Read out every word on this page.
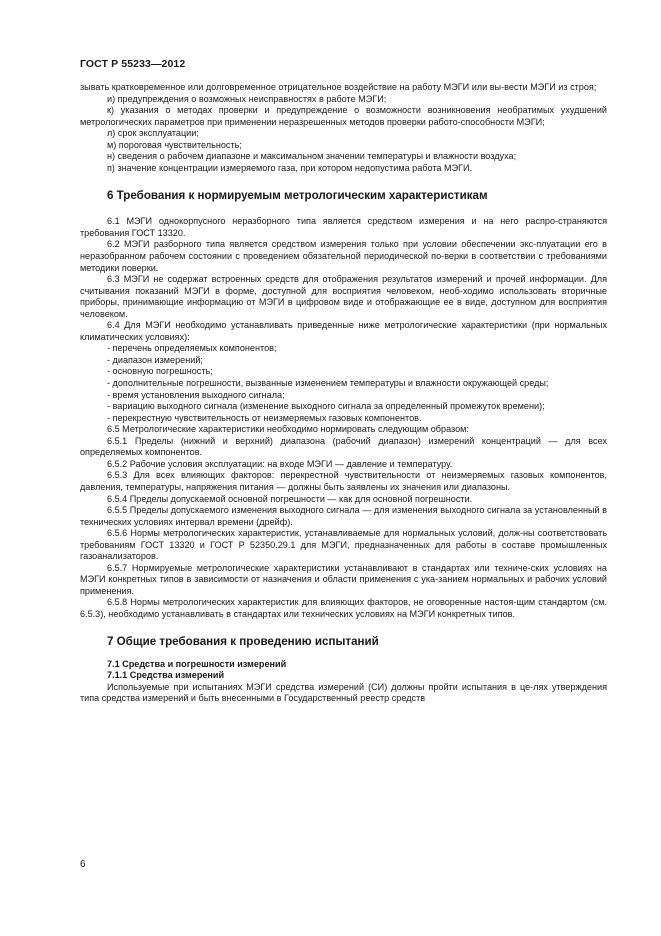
ГОСТ Р 55233—2012

зывать кратковременное или долговременное отрицательное воздействие на работу МЭГИ или вы-вести МЭГИ из строя;

и) предупреждения о возможных неисправностях в работе МЭГИ;

к) указания о методах проверки и предупреждение о возможности возникновения необратимых ухудшений метрологических параметров при применении неразрешенных методов проверки работо-способности МЭГИ;

л) срок эксплуатации;

м) пороговая чувствительность;

н) сведения о рабочем диапазоне и максимальном значении температуры и влажности воздуха;

п) значение концентрации измеряемого газа, при котором недопустима работа МЭГИ.

6 Требования к нормируемым метрологическим характеристикам

6.1 МЭГИ однокорпусного неразборного типа является средством измерения и на него распро-страняются требования ГОСТ 13320.

6.2 МЭГИ разборного типа является средством измерения только при условии обеспечении экс-плуатации его в неразобранном рабочем состоянии с проведением обязательной периодической по-верки в соответствии с требованиями методики поверки.

6.3 МЭГИ не содержат встроенных средств для отображения результатов измерений и прочей информации. Для считывания показаний МЭГИ в форме, доступной для восприятия человеком, необ-ходимо использовать вторичные приборы, принимающие информацию от МЭГИ в цифровом виде и отображающие ее в виде, доступном для восприятия человеком.

6.4 Для МЭГИ необходимо устанавливать приведенные ниже метрологические характеристики (при нормальных климатических условиях):

- перечень определяемых компонентов;

- диапазон измерений;

- основную погрешность;

- дополнительные погрешности, вызванные изменением температуры и влажности окружающей среды;

- время установления выходного сигнала;

- вариацию выходного сигнала (изменение выходного сигнала за определенный промежуток времени);

- перекрестную чувствительность от неизмеряемых газовых компонентов.

6.5 Метрологические характеристики необходимо нормировать следующим образом:

6.5.1 Пределы (нижний и верхний) диапазона (рабочий диапазон) измерений концентраций — для всех определяемых компонентов.

6.5.2 Рабочие условия эксплуатации: на входе МЭГИ — давление и температуру.

6.5.3 Для всех влияющих факторов: перекрестной чувствительности от неизмеряемых газовых компонентов, давления, температуры, напряжения питания — должны быть заявлены их значения или диапазоны.

6.5.4 Пределы допускаемой основной погрешности — как для основной погрешности.

6.5.5 Пределы допускаемого изменения выходного сигнала — для изменения выходного сигнала за установленный в технических условиях интервал времени (дрейф).

6.5.6 Нормы метрологических характеристик, устанавливаемые для нормальных условий, долж-ны соответствовать требованиям ГОСТ 13320 и ГОСТ Р 52350.29.1 для МЭГИ, предназначенных для работы в составе промышленных газоанализаторов.

6.5.7 Нормируемые метрологические характеристики устанавливают в стандартах или техниче-ских условиях на МЭГИ конкретных типов в зависимости от назначения и области применения с ука-занием нормальных и рабочих условий применения.

6.5.8 Нормы метрологических характеристик для влияющих факторов, не оговоренные настоя-щим стандартом (см. 6.5.3), необходимо устанавливать в стандартах или технических условиях на МЭГИ конкретных типов.

7 Общие требования к проведению испытаний

7.1 Средства и погрешности измерений

7.1.1 Средства измерений

Используемые при испытаниях МЭГИ средства измерений (СИ) должны пройти испытания в це-лях утверждения типа средства измерений и быть внесенными в Государственный реестр средств

6
